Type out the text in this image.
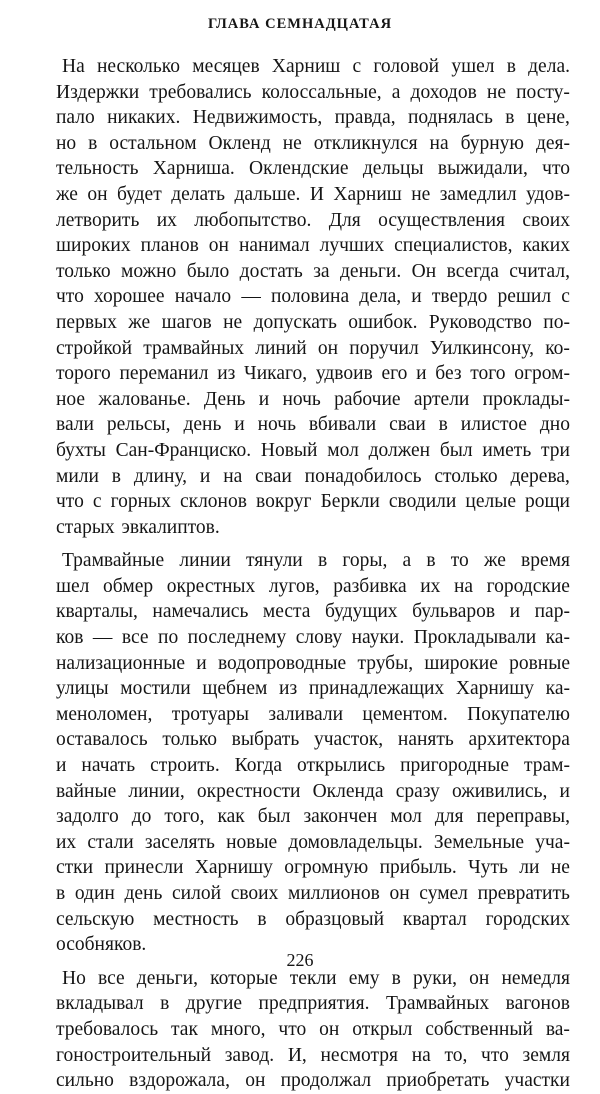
ГЛАВА СЕМНАДЦАТАЯ
На несколько месяцев Харниш с головой ушел в дела.
Издержки требовались колоссальные, а доходов не посту-
пало никаких. Недвижимость, правда, поднялась в цене,
но в остальном Окленд не откликнулся на бурную дея-
тельность Харниша. Оклендские дельцы выжидали, что
же он будет делать дальше. И Харниш не замедлил удов-
летворить их любопытство. Для осуществления своих
широких планов он нанимал лучших специалистов, каких
только можно было достать за деньги. Он всегда считал,
что хорошее начало — половина дела, и твердо решил с
первых же шагов не допускать ошибок. Руководство по-
стройкой трамвайных линий он поручил Уилкинсону, ко-
торого переманил из Чикаго, удвоив его и без того огром-
ное жалованье. День и ночь рабочие артели проклады-
вали рельсы, день и ночь вбивали сваи в илистое дно
бухты Сан-Франциско. Новый мол должен был иметь три
мили в длину, и на сваи понадобилось столько дерева,
что с горных склонов вокруг Беркли сводили целые рощи
старых эвкалиптов.
Трамвайные линии тянули в горы, а в то же время
шел обмер окрестных лугов, разбивка их на городские
кварталы, намечались места будущих бульваров и пар-
ков — все по последнему слову науки. Прокладывали ка-
нализационные и водопроводные трубы, широкие ровные
улицы мостили щебнем из принадлежащих Харнишу ка-
меноломен, тротуары заливали цементом. Покупателю
оставалось только выбрать участок, нанять архитектора
и начать строить. Когда открылись пригородные трам-
вайные линии, окрестности Окленда сразу оживились, и
задолго до того, как был закончен мол для переправы,
их стали заселять новые домовладельцы. Земельные уча-
стки принесли Харнишу огромную прибыль. Чуть ли не
в один день силой своих миллионов он сумел превратить
сельскую местность в образцовый квартал городских
особняков.
Но все деньги, которые текли ему в руки, он немедля
вкладывал в другие предприятия. Трамвайных вагонов
требовалось так много, что он открыл собственный ва-
гоностроительный завод. И, несмотря на то, что земля
сильно вздорожала, он продолжал приобретать участки
226
